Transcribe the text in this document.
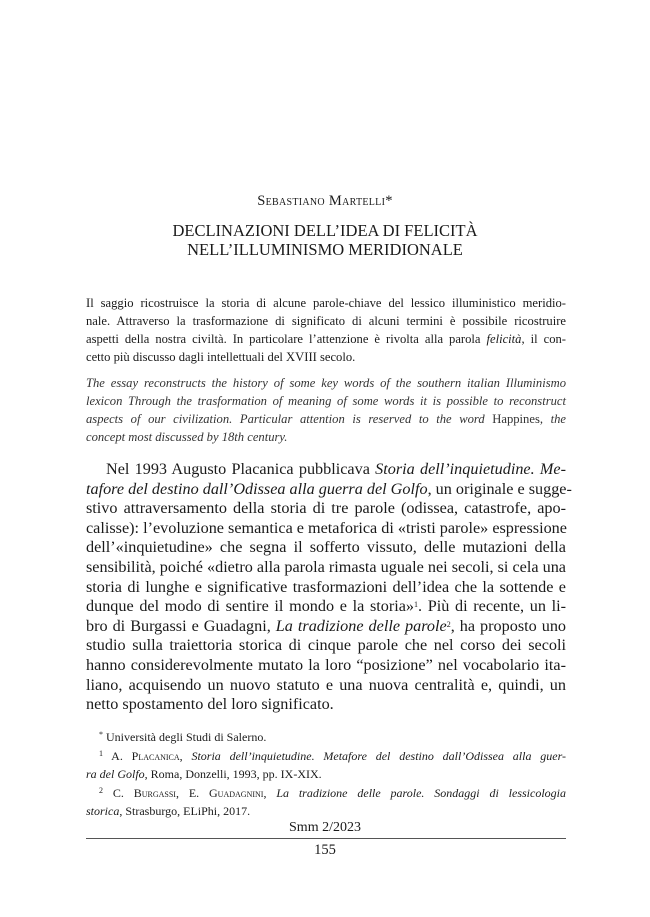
Sebastiano Martelli*
DECLINAZIONI DELL’IDEA DI FELICITÀ
NELL’ILLUMINISMO MERIDIONALE
Il saggio ricostruisce la storia di alcune parole-chiave del lessico illuministico meridio-
nale. Attraverso la trasformazione di significato di alcuni termini è possibile ricostruire
aspetti della nostra civiltà. In particolare l’attenzione è rivolta alla parola felicità, il con-
cetto più discusso dagli intellettuali del XVIII secolo.
The essay reconstructs the history of some key words of the southern italian Illuminismo
lexicon Through the trasformation of meaning of some words it is possible to reconstruct
aspects of our civilization. Particular attention is reserved to the word Happines, the
concept most discussed by 18th century.
Nel 1993 Augusto Placanica pubblicava Storia dell’inquietudine. Me-
tafore del destino dall’Odissea alla guerra del Golfo, un originale e sugge-
stivo attraversamento della storia di tre parole (odissea, catastrofe, apo-
calisse): l’evoluzione semantica e metaforica di «tristi parole» espressione
dell’«inquietudine» che segna il sofferto vissuto, delle mutazioni della
sensibilità, poiché «dietro alla parola rimasta uguale nei secoli, si cela una
storia di lunghe e significative trasformazioni dell’idea che la sottende e
dunque del modo di sentire il mondo e la storia»$^1$. Più di recente, un li-
bro di Burgassi e Guadagni, La tradizione delle parole$^2$, ha proposto uno
studio sulla traiettoria storica di cinque parole che nel corso dei secoli
hanno considerevolmente mutato la loro “posizione” nel vocabolario ita-
liano, acquisendo un nuovo statuto e una nuova centralità e, quindi, un
netto spostamento del loro significato.
* Università degli Studi di Salerno.
$^1$ A. Placanica, Storia dell’inquietudine. Metafore del destino dall’Odissea alla guer-
ra del Golfo, Roma, Donzelli, 1993, pp. IX-XIX.
$^2$ C. Burgassi, E. Guadagnini, La tradizione delle parole. Sondaggi di lessicologia
storica, Strasburgo, ELiPhi, 2017.
Smm 2/2023
155
